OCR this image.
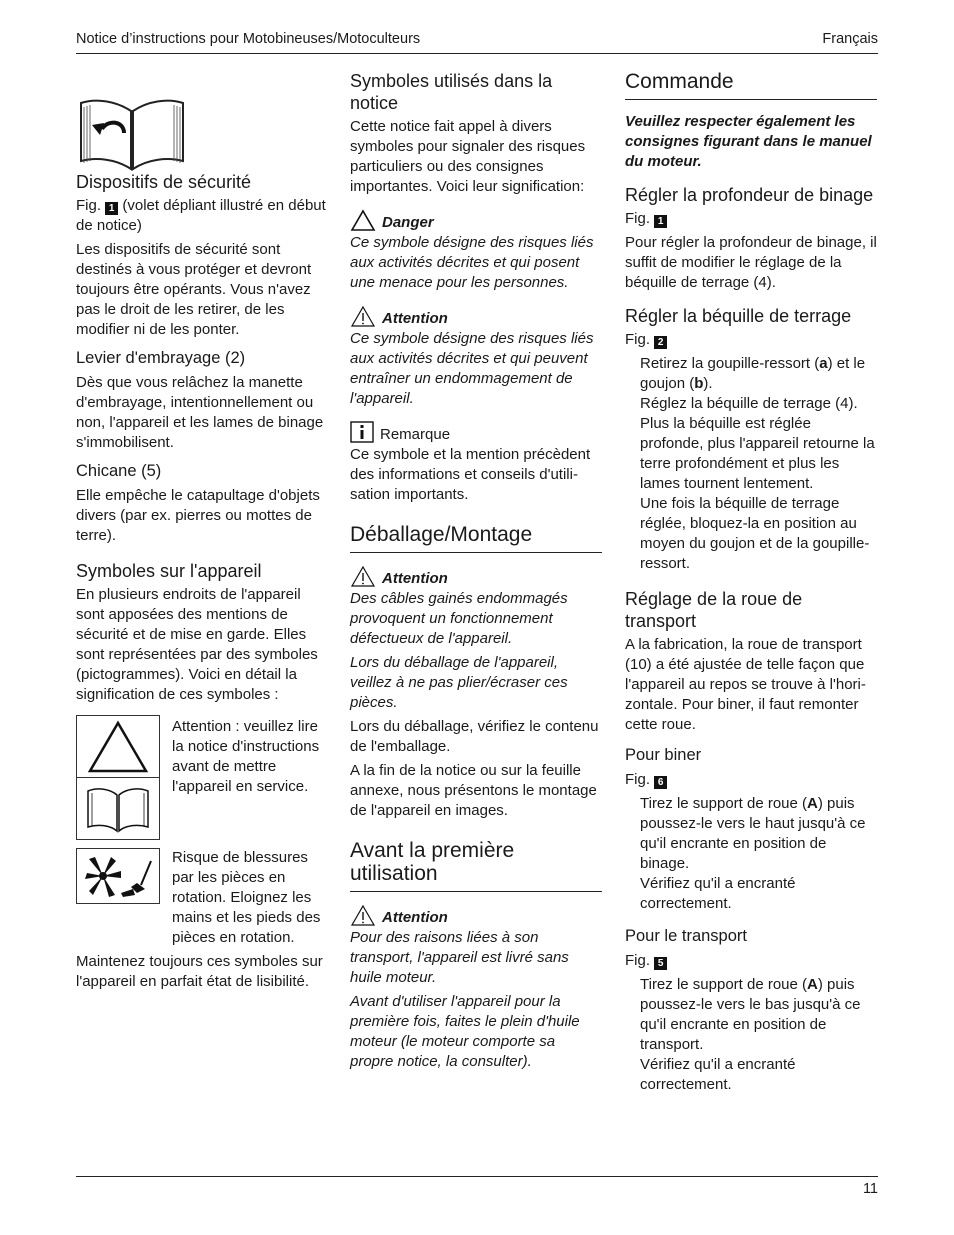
Notice d’instructions pour Motobineuses/Motoculteurs	Français
Dispositifs de sécurité

Fig. 1 (volet dépliant illustré en début de notice)

Les dispositifs de sécurité sont destinés à vous protéger et devront toujours être opérants. Vous n'avez pas le droit de les retirer, de les modifier ni de les ponter.

Levier d'embrayage (2)

Dès que vous relâchez la manette d'embrayage, intentionnellement ou non, l'appareil et les lames de binage s'immobilisent.

Chicane (5)

Elle empêche le catapultage d'objets divers (par ex. pierres ou mottes de terre).

Symboles sur l'appareil

En plusieurs endroits de l'appareil sont apposées des mentions de sécurité et de mise en garde. Elles sont représentées par des symboles (pictogrammes). Voici en détail la signification de ces symboles :

Attention : veuillez lire la notice d'instructions avant de mettre l'appareil en service.
Risque de blessures par les pièces en rotation. Eloignez les mains et les pieds des pièces en rotation.

Maintenez toujours ces symboles sur l'appareil en parfait état de lisibilité.

Symboles utilisés dans la notice

Cette notice fait appel à divers symboles pour signaler des risques particuliers ou des consignes importantes. Voici leur signification:

Danger

Ce symbole désigne des risques liés aux activités décrites et qui posent une menace pour les personnes.

Attention

Ce symbole désigne des risques liés aux activités décrites et qui peuvent entraîner un endommagement de l'appareil.

Remarque

Ce symbole et la mention précèdent des informations et conseils d'utili-sation importants.

Déballage/Montage
Attention

Des câbles gainés endommagés provoquent un fonctionnement défectueux de l'appareil.

Lors du déballage de l'appareil, veillez à ne pas plier/écraser ces pièces.

Lors du déballage, vérifiez le contenu de l'emballage.

A la fin de la notice ou sur la feuille annexe, nous présentons le montage de l'appareil en images.

Avant la première utilisation
Attention

Pour des raisons liées à son transport, l'appareil est livré sans huile moteur.

Avant d'utiliser l'appareil pour la première fois, faites le plein d'huile moteur (le moteur comporte sa propre notice, la consulter).

Commande

Veuillez respecter également les consignes figurant dans le manuel du moteur.

Régler la profondeur de binage

Fig. 1

Pour régler la profondeur de binage, il suffit de modifier le réglage de la béquille de terrage (4).

Régler la béquille de terrage

Fig. 2

Retirez la goupille-ressort (a) et le goujon (b).
Réglez la béquille de terrage (4). Plus la béquille est réglée profonde, plus l'appareil retourne la terre profondément et plus les lames tournent lentement.
Une fois la béquille de terrage réglée, bloquez-la en position au moyen du goujon et de la goupille-ressort.
Réglage de la roue de transport

A la fabrication, la roue de transport (10) a été ajustée de telle façon que l'appareil au repos se trouve à l'hori-zontale. Pour biner, il faut remonter cette roue.

Pour biner

Fig. 6

Tirez le support de roue (A) puis poussez-le vers le haut jusqu'à ce qu'il encrante en position de binage.
Vérifiez qu'il a encranté correctement.
Pour le transport

Fig. 5

Tirez le support de roue (A) puis poussez-le vers le bas jusqu'à ce qu'il encrante en position de transport.
Vérifiez qu'il a encranté correctement.
11
